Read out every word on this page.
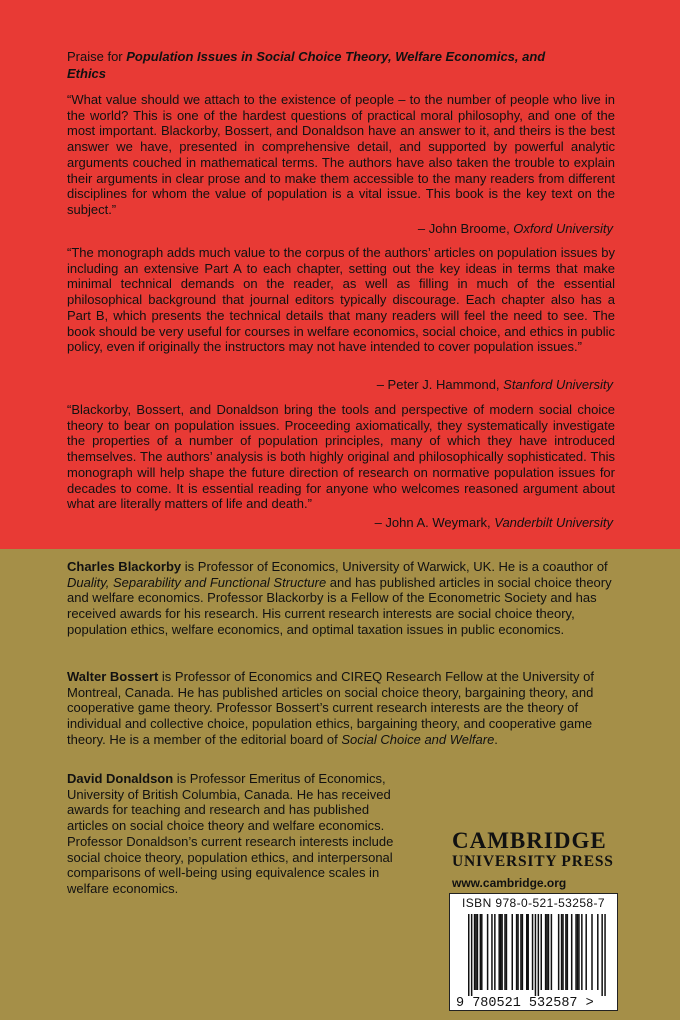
Praise for Population Issues in Social Choice Theory, Welfare Economics, and
Ethics
“What value should we attach to the existence of people – to the number of people who live in the world? This is one of the hardest questions of practical moral philosophy, and one of the most important. Blackorby, Bossert, and Donaldson have an answer to it, and theirs is the best answer we have, presented in comprehensive detail, and supported by powerful analytic arguments couched in mathematical terms. The authors have also taken the trouble to explain their arguments in clear prose and to make them accessible to the many readers from different disciplines for whom the value of population is a vital issue. This book is the key text on the subject.”
– John Broome, Oxford University
“The monograph adds much value to the corpus of the authors’ articles on population issues by including an extensive Part A to each chapter, setting out the key ideas in terms that make minimal technical demands on the reader, as well as filling in much of the essential philosophical background that journal editors typically discourage. Each chapter also has a Part B, which presents the technical details that many readers will feel the need to see. The book should be very useful for courses in welfare economics, social choice, and ethics in public policy, even if originally the instructors may not have intended to cover population issues.”
– Peter J. Hammond, Stanford University
“Blackorby, Bossert, and Donaldson bring the tools and perspective of modern social choice theory to bear on population issues. Proceeding axiomatically, they systematically investigate the properties of a number of population principles, many of which they have introduced themselves. The authors’ analysis is both highly original and philosophically sophisticated. This monograph will help shape the future direction of research on normative population issues for decades to come. It is essential reading for anyone who welcomes reasoned argument about what are literally matters of life and death.”
– John A. Weymark, Vanderbilt University
Charles Blackorby is Professor of Economics, University of Warwick, UK. He is a coauthor of Duality, Separability and Functional Structure and has published articles in social choice theory and welfare economics. Professor Blackorby is a Fellow of the Econometric Society and has received awards for his research. His current research interests are social choice theory, population ethics, welfare economics, and optimal taxation issues in public economics.
Walter Bossert is Professor of Economics and CIREQ Research Fellow at the University of Montreal, Canada. He has published articles on social choice theory, bargaining theory, and cooperative game theory. Professor Bossert’s current research interests are the theory of individual and collective choice, population ethics, bargaining theory, and cooperative game theory. He is a member of the editorial board of Social Choice and Welfare.
David Donaldson is Professor Emeritus of Economics, University of British Columbia, Canada. He has received awards for teaching and research and has published articles on social choice theory and welfare economics. Professor Donaldson’s current research interests include social choice theory, population ethics, and interpersonal comparisons of well-being using equivalence scales in welfare economics.
CAMBRIDGE
UNIVERSITY PRESS
www.cambridge.org
ISBN 978-0-521-53258-7
9 780521 532587 >
